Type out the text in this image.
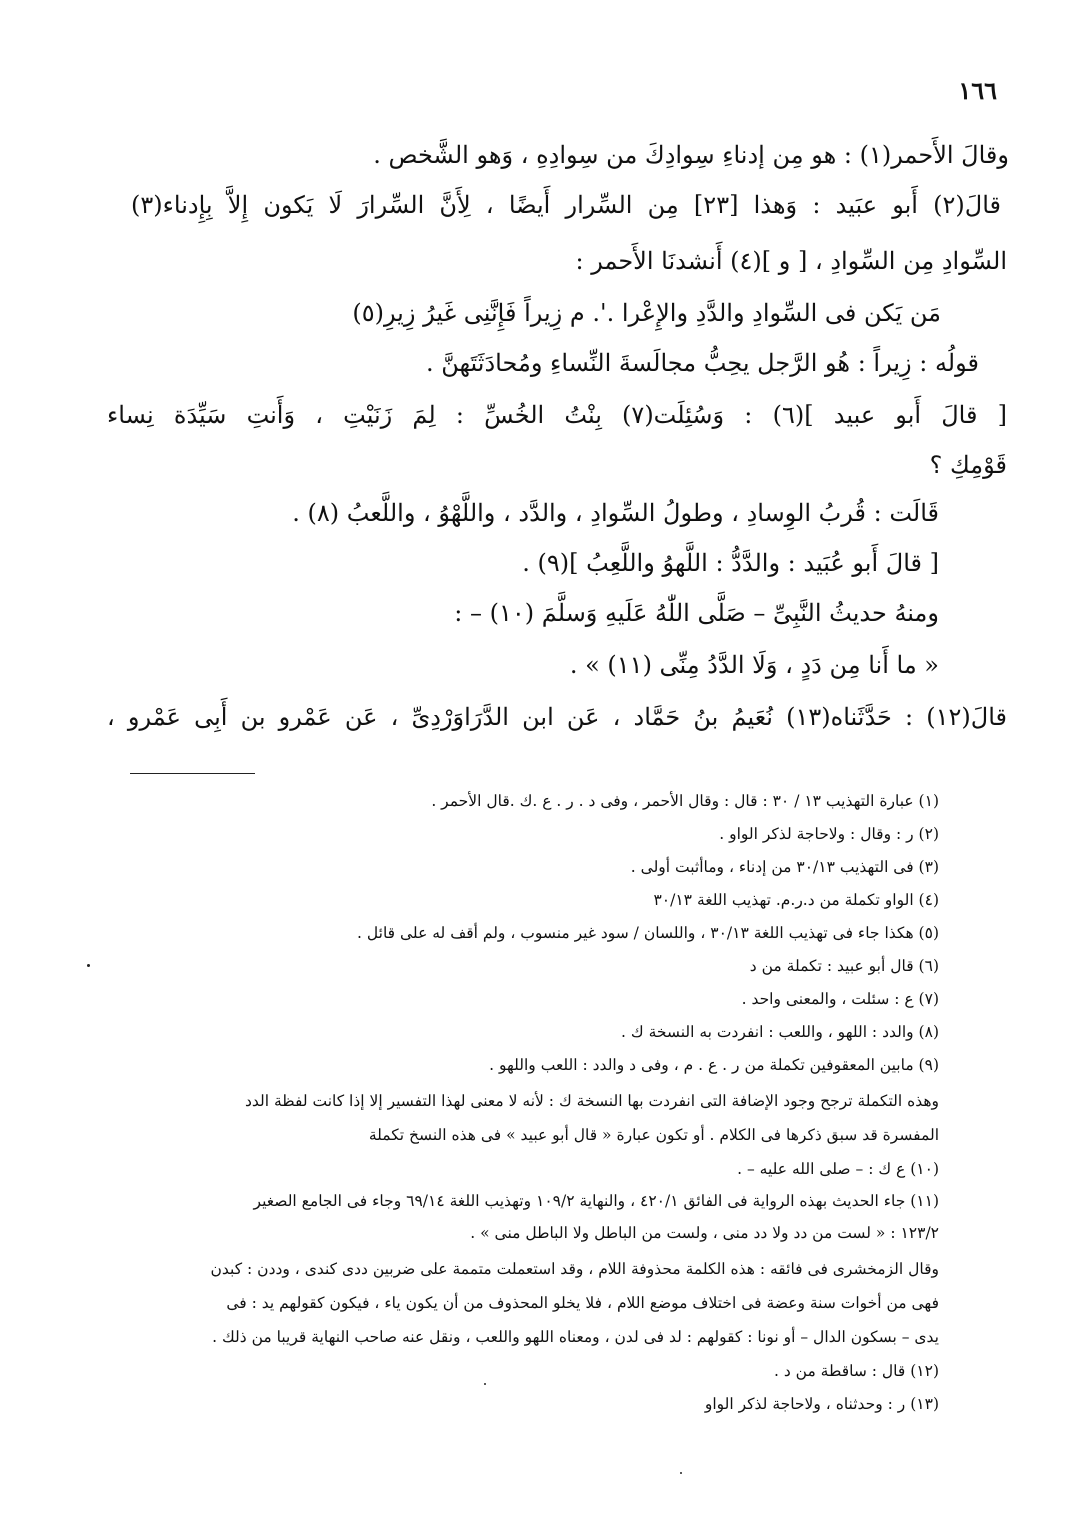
١٦٦
وقالَ الأَحمر(١) : هو مِن إدناءِ سِوادِكَ من سِوادِهِ ، وَهو الشَّخص .
قالَ(٢) أَبو عبَيد : وَهذا [٢٣] مِن السِّرار أَيضًا ، لِأَنَّ السِّرارَ لَا يَكون إِلاَّ بِإِدناء(٣)
السِّوادِ مِن السِّوادِ ، [ و ](٤) أَنشدنَا الأَحمر :
مَن يَكن فى السِّوادِ والدَّدِ والإِعْرا .'. م زِيراً فَإِنَّنِى غَيرُ زِيرِ(٥)
قولُه : زِيراً : هُو الرَّجل يحِبُّ مجالَسةَ النِّساءِ ومُحادَثَتَهنَّ .
[ قالَ أَبو عبيد ](٦) : وَسُئِلَت(٧) بِنْتُ الخُسِّ : لِمَ زَنَيْتِ ، وَأَنتِ سَيِّدَة نِساء
قَوْمِكِ ؟
قَالَت : قُربُ الوِسادِ ، وطولُ السِّوادِ ، والدَّد ، واللَّهْوُ ، واللَّعبُ (٨) .
[ قالَ أَبو عُبَيد : والدَّدُّ : اللَّهوُ واللَّعِبُ ](٩) .
ومنهُ حديثُ النَّبِىِّ – صَلَّى اللّٰهُ عَلَيهِ وَسلَّمَ (١٠) – :
« ما أَنا مِن دَدٍ ، وَلَا الدَّدُ مِنِّى (١١) » .
قالَ(١٢) : حَدَّثَناه(١٣) نُعَيمُ بنُ حَمَّاد ، عَن ابن الدَّرَاوَرْدِىِّ ، عَن عَمْرو بن أَبِى عَمْرو ،
(١) عبارة التهذيب ١٣ / ٣٠ : قال : وقال الأحمر ، وفى د . ر . ع .ك .قال الأحمر .
(٢) ر : وقال : ولاحاجة لذكر الواو .
(٣) فى التهذيب ٣٠/١٣ من إدناء ، وماأثبت أولى .
(٤) الواو تكملة من د.ر.م. تهذيب اللغة ٣٠/١٣
(٥) هكذا جاء فى تهذيب اللغة ٣٠/١٣ ، واللسان / سود غير منسوب ، ولم أقف له على قائل .
(٦) قال أبو عبيد : تكملة من د
(٧) ع : سئلت ، والمعنى واحد .
(٨) والدد : اللهو ، واللعب : انفردت به النسخة ك .
(٩) مابين المعقوفين تكملة من ر . ع . م ، وفى د والدد : اللعب واللهو .
وهذه التكملة ترجح وجود الإضافة التى انفردت بها النسخة ك : لأنه لا معنى لهذا التفسير إلا إذا كانت لفظة الدد
المفسرة قد سبق ذكرها فى الكلام . أو تكون عبارة « قال أبو عبيد » فى هذه النسخ تكملة
(١٠) ع ك : – صلى الله عليه – .
(١١) جاء الحديث بهذه الرواية فى الفائق ٤٢٠/١ ، والنهاية ١٠٩/٢ وتهذيب اللغة ٦٩/١٤ وجاء فى الجامع الصغير
١٢٣/٢ : « لست من دد ولا دد منى ، ولست من الباطل ولا الباطل منى » .
وقال الزمخشرى فى فائقه : هذه الكلمة محذوفة اللام ، وقد استعملت متممة على ضربين ددى كندى ، وددن : كبدن
فهى من أخوات سنة وعضة فى اختلاف موضع اللام ، فلا يخلو المحذوف من أن يكون ياء ، فيكون كقولهم يد : فى
يدى – بسكون الدال – أو نونا : كقولهم : لد فى لدن ، ومعناه اللهو واللعب ، ونقل عنه صاحب النهاية قريبا من ذلك .
(١٢) قال : ساقطة من د .
(١٣) ر : وحدثناه ، ولاحاجة لذكر الواو
